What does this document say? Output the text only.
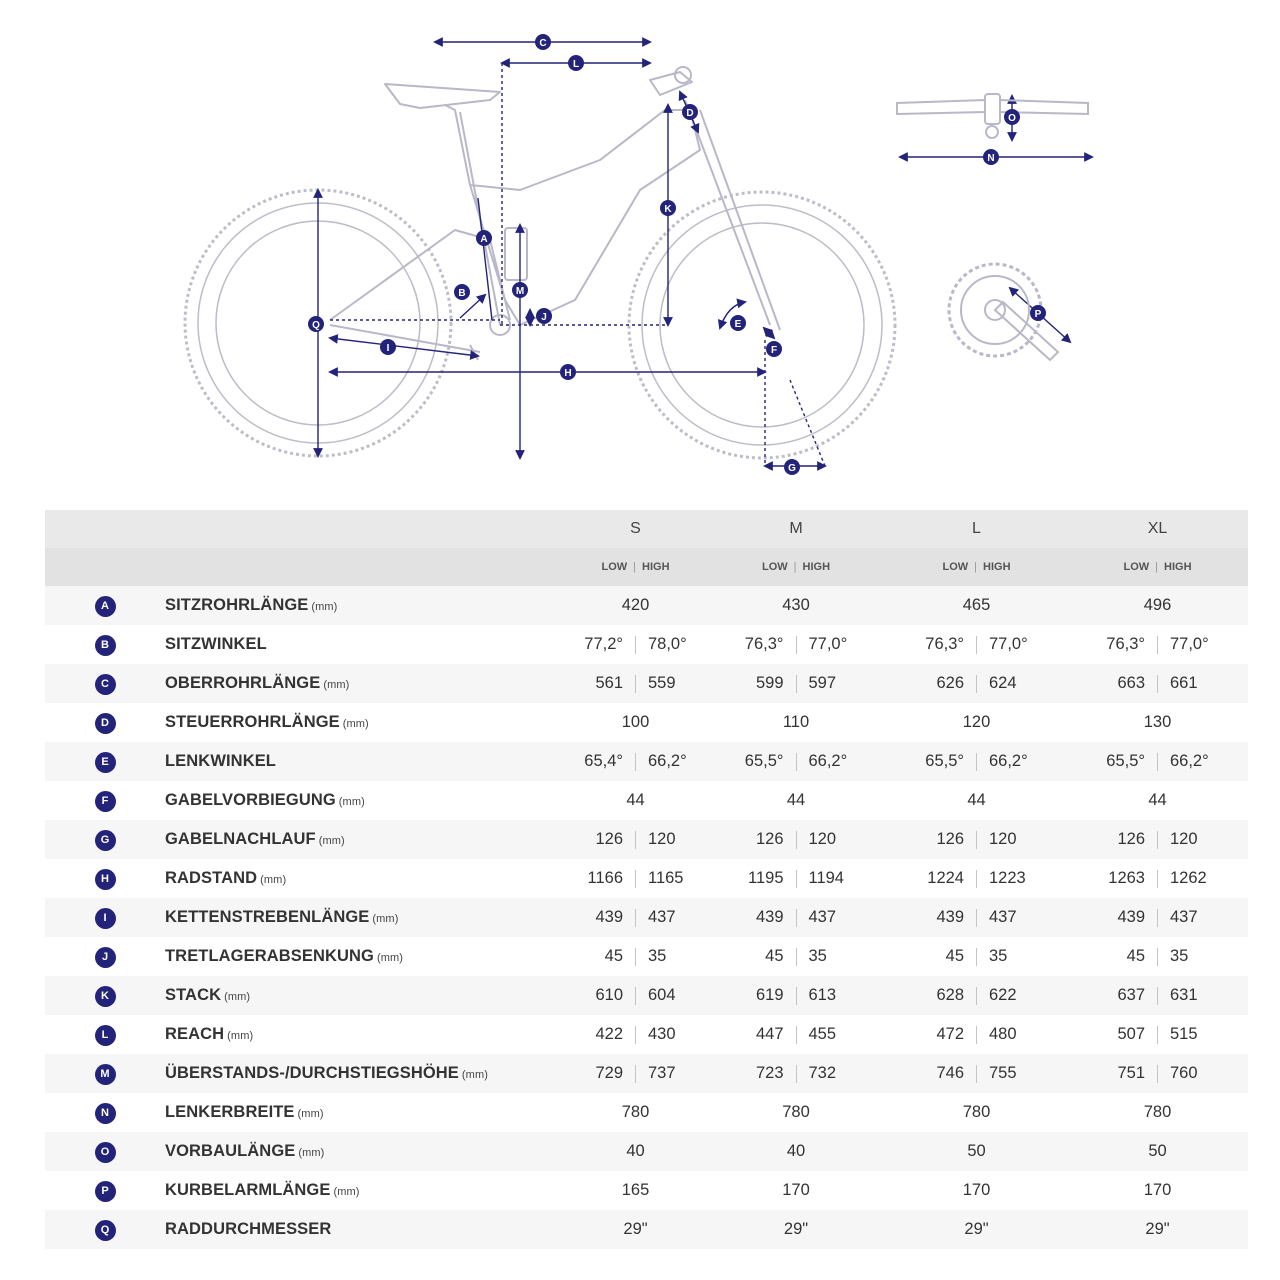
C
L
D
K
A
B	M
J
Q
I
H
E
F
G
O
N
P
		S	M	L	XL
		LOW | HIGH	LOW | HIGH	LOW | HIGH	LOW | HIGH
A	SITZROHRLÄNGE (mm)	420	430	465	496
B	SITZWINKEL	77,2° 78,0°	76,3° 77,0°	76,3° 77,0°	76,3° 77,0°

C	OBERROHRLÄNGE (mm)	561 559	599 597	626 624	663 661

D	STEUERROHRLÄNGE (mm)	100	110	120	130
E	LENKWINKEL	65,4° 66,2°	65,5° 66,2°	65,5° 66,2°	65,5° 66,2°

F	GABELVORBIEGUNG (mm)	44	44	44	44
G	GABELNACHLAUF (mm)	126 120	126 120	126 120	126 120

H	RADSTAND (mm)	1166 1165	1195 1194	1224 1223	1263 1262

I	KETTENSTREBENLÄNGE (mm)	439 437	439 437	439 437	439 437

J	TRETLAGERABSENKUNG (mm)	45 35	45 35	45 35	45 35

K	STACK (mm)	610 604	619 613	628 622	637 631

L	REACH (mm)	422 430	447 455	472 480	507 515

M	ÜBERSTANDS-/DURCHSTIEGSHÖHE (mm)	729 737	723 732	746 755	751 760

N	LENKERBREITE (mm)	780	780	780	780
O	VORBAULÄNGE (mm)	40	40	50	50
P	KURBELARMLÄNGE (mm)	165	170	170	170
Q	RADDURCHMESSER	29"	29"	29"	29"
